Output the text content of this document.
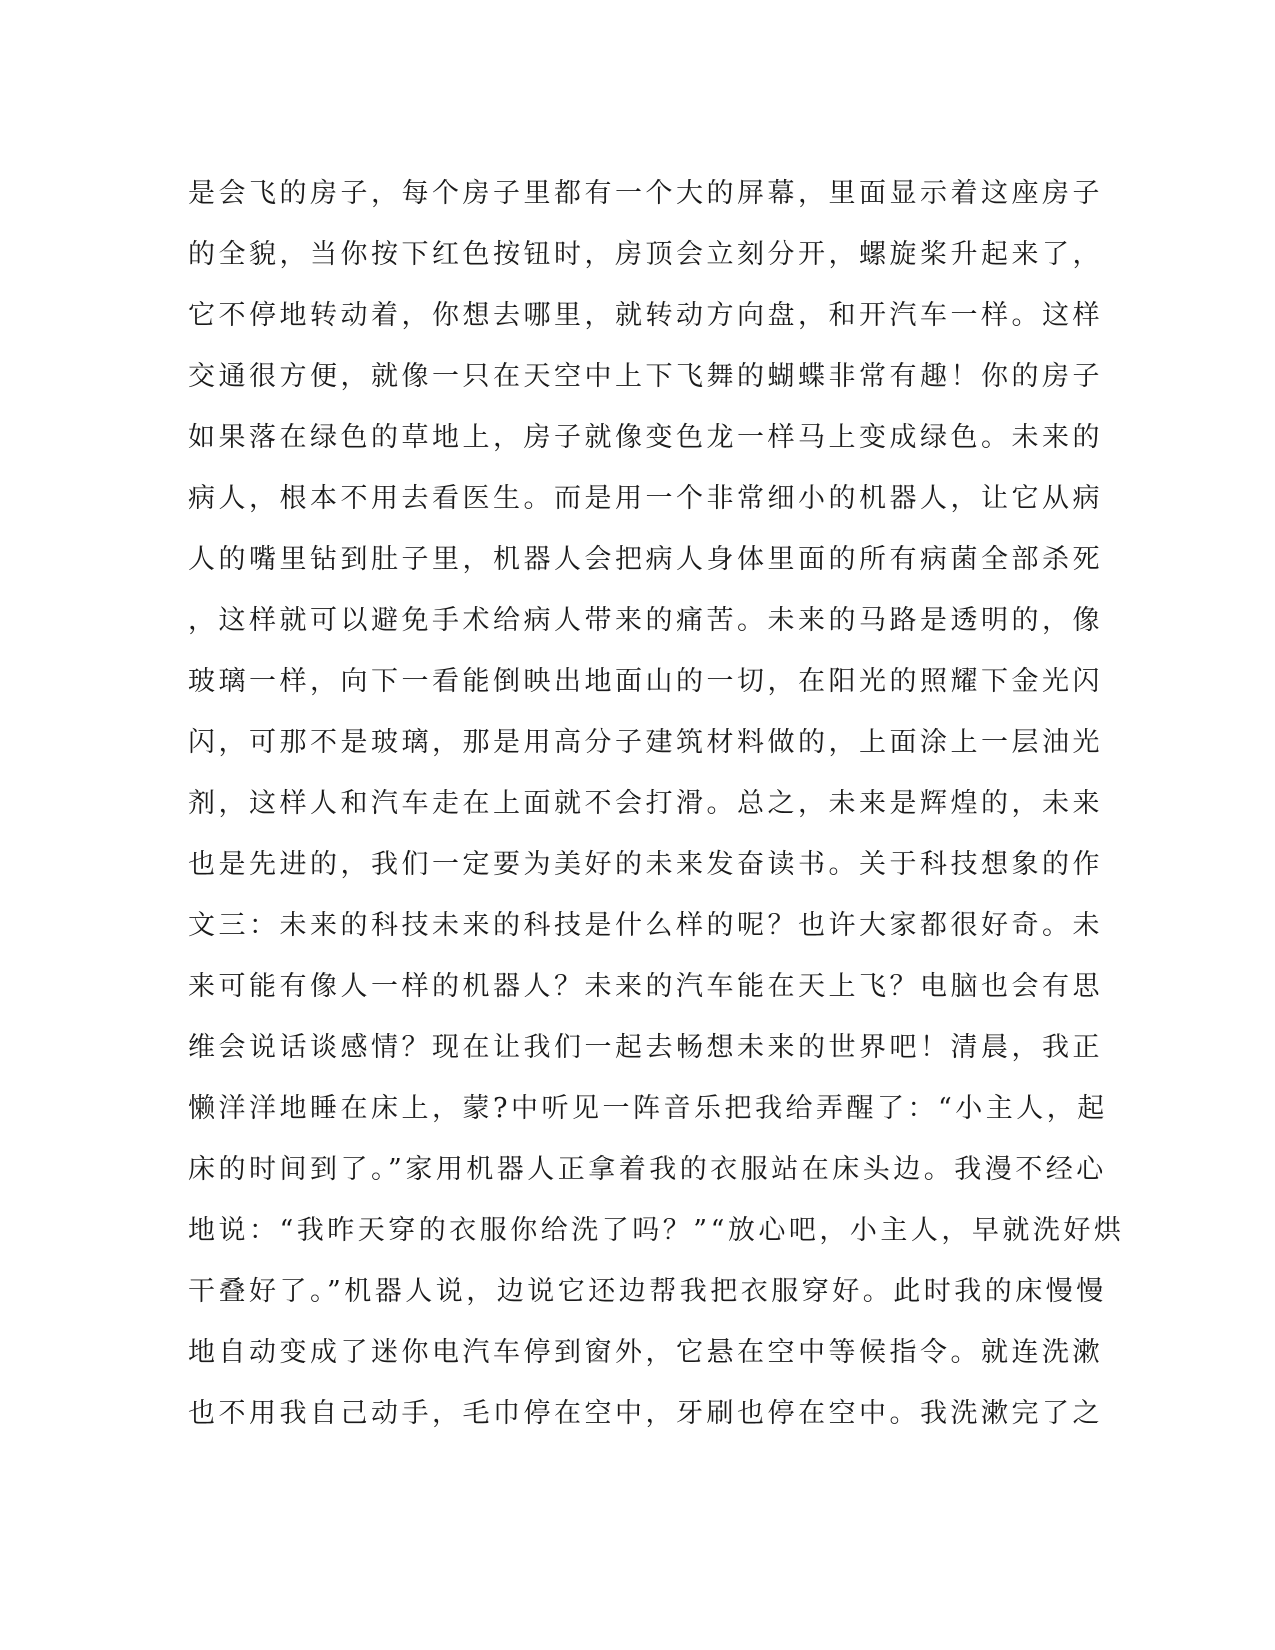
是会飞的房子，每个房子里都有一个大的屏幕，里面显示着这座房子
的全貌，当你按下红色按钮时，房顶会立刻分开，螺旋桨升起来了，
它不停地转动着，你想去哪里，就转动方向盘，和开汽车一样。这样
交通很方便，就像一只在天空中上下飞舞的蝴蝶非常有趣！你的房子
如果落在绿色的草地上，房子就像变色龙一样马上变成绿色。未来的
病人，根本不用去看医生。而是用一个非常细小的机器人，让它从病
人的嘴里钻到肚子里，机器人会把病人身体里面的所有病菌全部杀死
，这样就可以避免手术给病人带来的痛苦。未来的马路是透明的，像
玻璃一样，向下一看能倒映出地面山的一切，在阳光的照耀下金光闪
闪，可那不是玻璃，那是用高分子建筑材料做的，上面涂上一层油光
剂，这样人和汽车走在上面就不会打滑。总之，未来是辉煌的，未来
也是先进的，我们一定要为美好的未来发奋读书。关于科技想象的作
文三：未来的科技未来的科技是什么样的呢？也许大家都很好奇。未
来可能有像人一样的机器人？未来的汽车能在天上飞？电脑也会有思
维会说话谈感情？现在让我们一起去畅想未来的世界吧！清晨，我正
懒洋洋地睡在床上，蒙?中听见一阵音乐把我给弄醒了：“小主人，起
床的时间到了。”家用机器人正拿着我的衣服站在床头边。我漫不经心
地说：“我昨天穿的衣服你给洗了吗？”“放心吧，小主人，早就洗好烘
干叠好了。”机器人说，边说它还边帮我把衣服穿好。此时我的床慢慢
地自动变成了迷你电汽车停到窗外，它悬在空中等候指令。就连洗漱
也不用我自己动手，毛巾停在空中，牙刷也停在空中。我洗漱完了之
